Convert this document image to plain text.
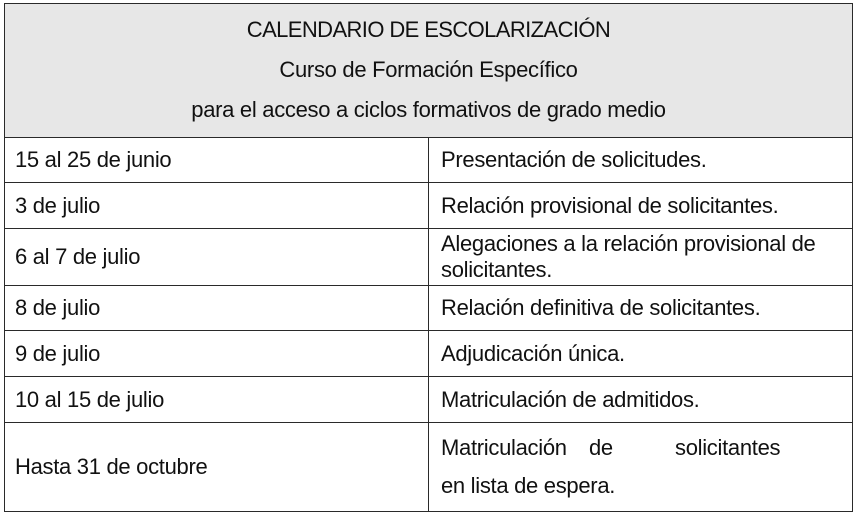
CALENDARIO DE ESCOLARIZACIÓN
Curso de Formación Específico
para el acceso a ciclos formativos de grado medio	

15 al 25 de junio	Presentación de solicitudes.
3 de julio	Relación provisional de solicitantes.
6 al 7 de julio	Alegaciones a la relación provisional de solicitantes.
8 de julio	Relación definitiva de solicitantes.
9 de julio	Adjudicación única.
10 al 15 de julio	Matriculación de admitidos.
Hasta 31 de octubre	Matriculación de solicitantes
en lista de espera.
